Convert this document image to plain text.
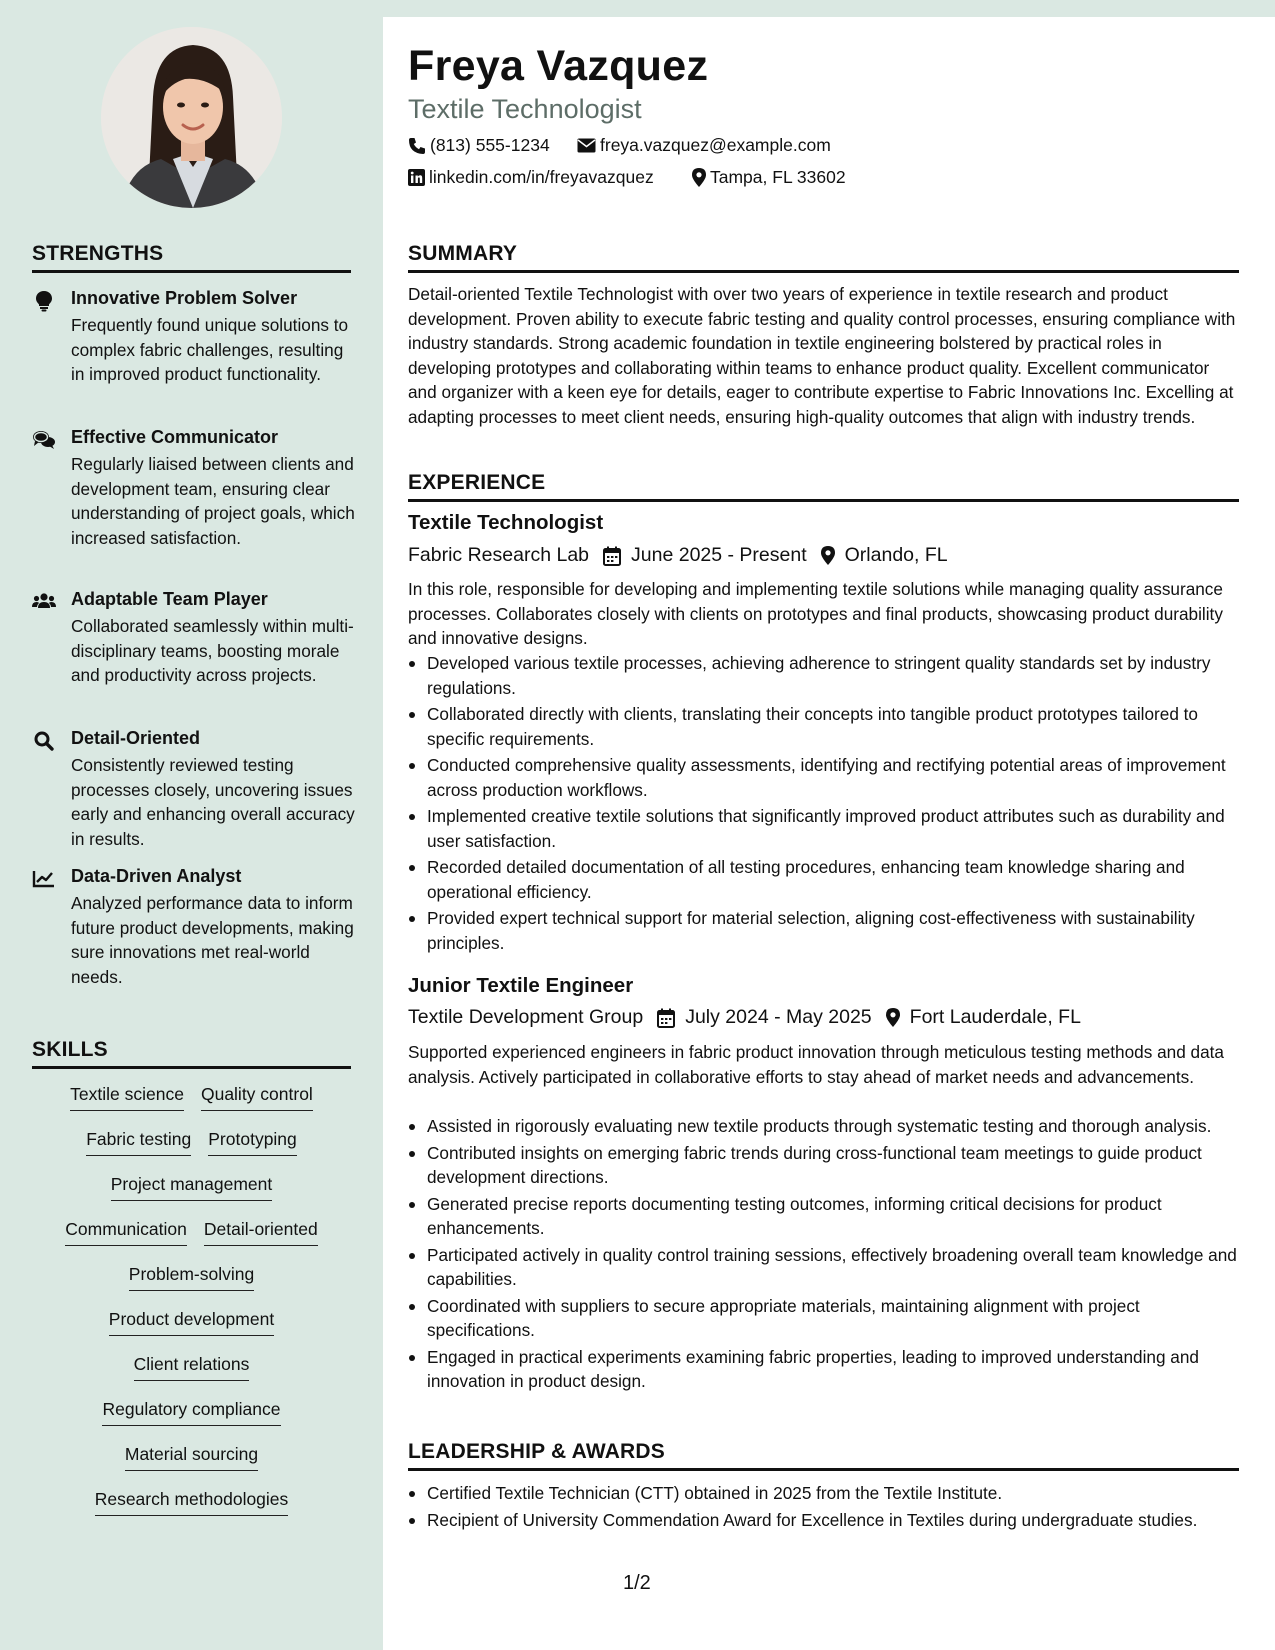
STRENGTHS
Innovative Problem Solver
Frequently found unique solutions to complex fabric challenges, resulting in improved product functionality.
Effective Communicator
Regularly liaised between clients and development team, ensuring clear understanding of project goals, which increased satisfaction.
Adaptable Team Player
Collaborated seamlessly within multi-disciplinary teams, boosting morale and productivity across projects.
Detail-Oriented
Consistently reviewed testing processes closely, uncovering issues early and enhancing overall accuracy in results.
Data-Driven Analyst
Analyzed performance data to inform future product developments, making sure innovations met real-world needs.
SKILLS
Textile science Quality control
Fabric testing Prototyping
Project management
Communication Detail-oriented
Problem-solving
Product development
Client relations
Regulatory compliance
Material sourcing
Research methodologies
Freya Vazquez
Textile Technologist
(813) 555-1234	freya.vazquez@example.com
linkedin.com/in/freyavazquez	Tampa, FL 33602
SUMMARY
Detail-oriented Textile Technologist with over two years of experience in textile research and product development. Proven ability to execute fabric testing and quality control processes, ensuring compliance with industry standards. Strong academic foundation in textile engineering bolstered by practical roles in developing prototypes and collaborating within teams to enhance product quality. Excellent communicator and organizer with a keen eye for details, eager to contribute expertise to Fabric Innovations Inc. Excelling at adapting processes to meet client needs, ensuring high-quality outcomes that align with industry trends.
EXPERIENCE
Textile Technologist
Fabric Research Lab June 2025 - Present Orlando, FL
In this role, responsible for developing and implementing textile solutions while managing quality assurance processes. Collaborates closely with clients on prototypes and final products, showcasing product durability and innovative designs.
Developed various textile processes, achieving adherence to stringent quality standards set by industry regulations.
Collaborated directly with clients, translating their concepts into tangible product prototypes tailored to specific requirements.
Conducted comprehensive quality assessments, identifying and rectifying potential areas of improvement across production workflows.
Implemented creative textile solutions that significantly improved product attributes such as durability and user satisfaction.
Recorded detailed documentation of all testing procedures, enhancing team knowledge sharing and operational efficiency.
Provided expert technical support for material selection, aligning cost-effectiveness with sustainability principles.
Junior Textile Engineer
Textile Development Group July 2024 - May 2025 Fort Lauderdale, FL
Supported experienced engineers in fabric product innovation through meticulous testing methods and data analysis. Actively participated in collaborative efforts to stay ahead of market needs and advancements.
Assisted in rigorously evaluating new textile products through systematic testing and thorough analysis.
Contributed insights on emerging fabric trends during cross-functional team meetings to guide product development directions.
Generated precise reports documenting testing outcomes, informing critical decisions for product enhancements.
Participated actively in quality control training sessions, effectively broadening overall team knowledge and capabilities.
Coordinated with suppliers to secure appropriate materials, maintaining alignment with project specifications.
Engaged in practical experiments examining fabric properties, leading to improved understanding and innovation in product design.
LEADERSHIP & AWARDS
Certified Textile Technician (CTT) obtained in 2025 from the Textile Institute.
Recipient of University Commendation Award for Excellence in Textiles during undergraduate studies.
1/2
